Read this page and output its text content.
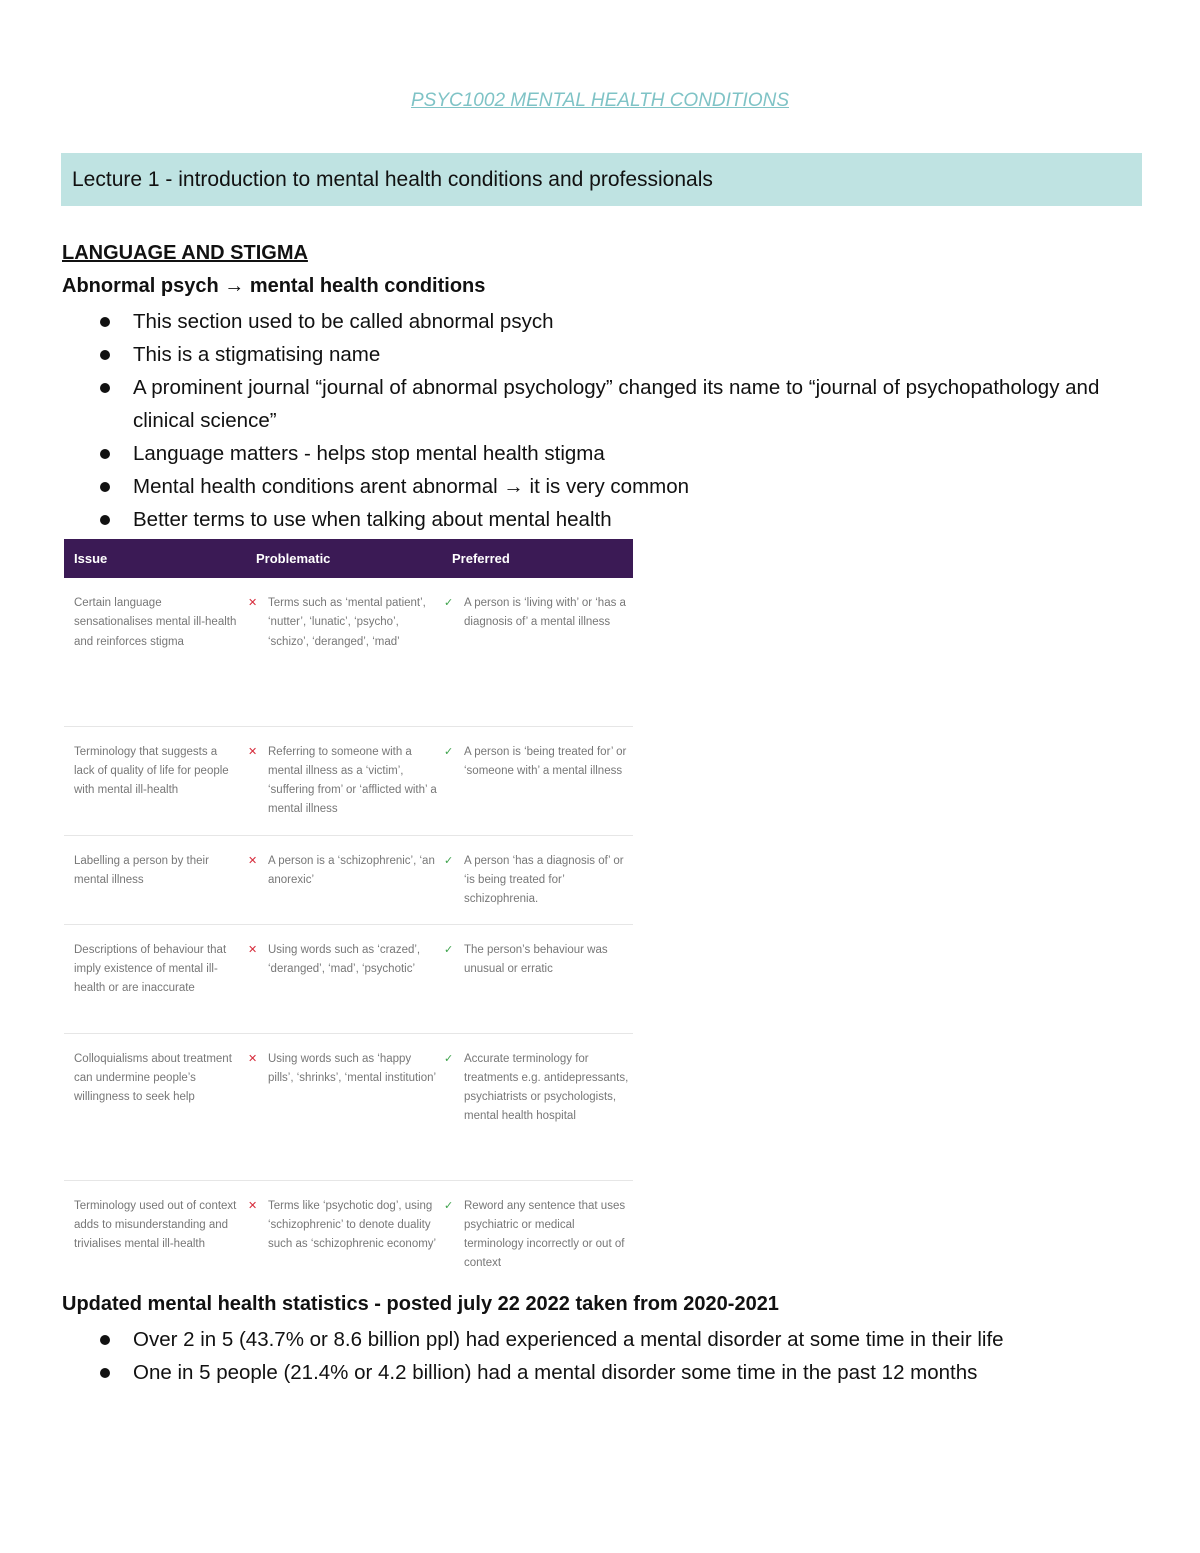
PSYC1002 MENTAL HEALTH CONDITIONS
Lecture 1 - introduction to mental health conditions and professionals
LANGUAGE AND STIGMA
Abnormal psych → mental health conditions
This section used to be called abnormal psych
This is a stigmatising name
A prominent journal “journal of abnormal psychology” changed its name to “journal of psychopathology and clinical science”
Language matters - helps stop mental health stigma
Mental health conditions arent abnormal → it is very common
Better terms to use when talking about mental health
Issue	Problematic	Preferred
Certain language sensationalises mental ill-health and reinforces stigma	✕ Terms such as ‘mental patient’, ‘nutter’, ‘lunatic’, ‘psycho’, ‘schizo’, ‘deranged’, ‘mad’	✓ A person is ‘living with’ or ‘has a diagnosis of’ a mental illness
Terminology that suggests a lack of quality of life for people with mental ill-health	✕ Referring to someone with a mental illness as a ‘victim’, ‘suffering from’ or ‘afflicted with’ a mental illness	✓ A person is ‘being treated for’ or ‘someone with’ a mental illness
Labelling a person by their mental illness	✕ A person is a ‘schizophrenic’, ‘an anorexic’	✓ A person ‘has a diagnosis of’ or ‘is being treated for’ schizophrenia.
Descriptions of behaviour that imply existence of mental ill-health or are inaccurate	✕ Using words such as ‘crazed’, ‘deranged’, ‘mad’, ‘psychotic’	✓ The person’s behaviour was unusual or erratic
Colloquialisms about treatment can undermine people’s willingness to seek help	✕ Using words such as ‘happy pills’, ‘shrinks’, ‘mental institution’	✓ Accurate terminology for treatments e.g. antidepressants, psychiatrists or psychologists, mental health hospital
Terminology used out of context adds to misunderstanding and trivialises mental ill-health	✕ Terms like ‘psychotic dog’, using ‘schizophrenic’ to denote duality such as ‘schizophrenic economy’	✓ Reword any sentence that uses psychiatric or medical terminology incorrectly or out of context
Updated mental health statistics - posted july 22 2022 taken from 2020-2021
Over 2 in 5 (43.7% or 8.6 billion ppl) had experienced a mental disorder at some time in their life
One in 5 people (21.4% or 4.2 billion) had a mental disorder some time in the past 12 months
